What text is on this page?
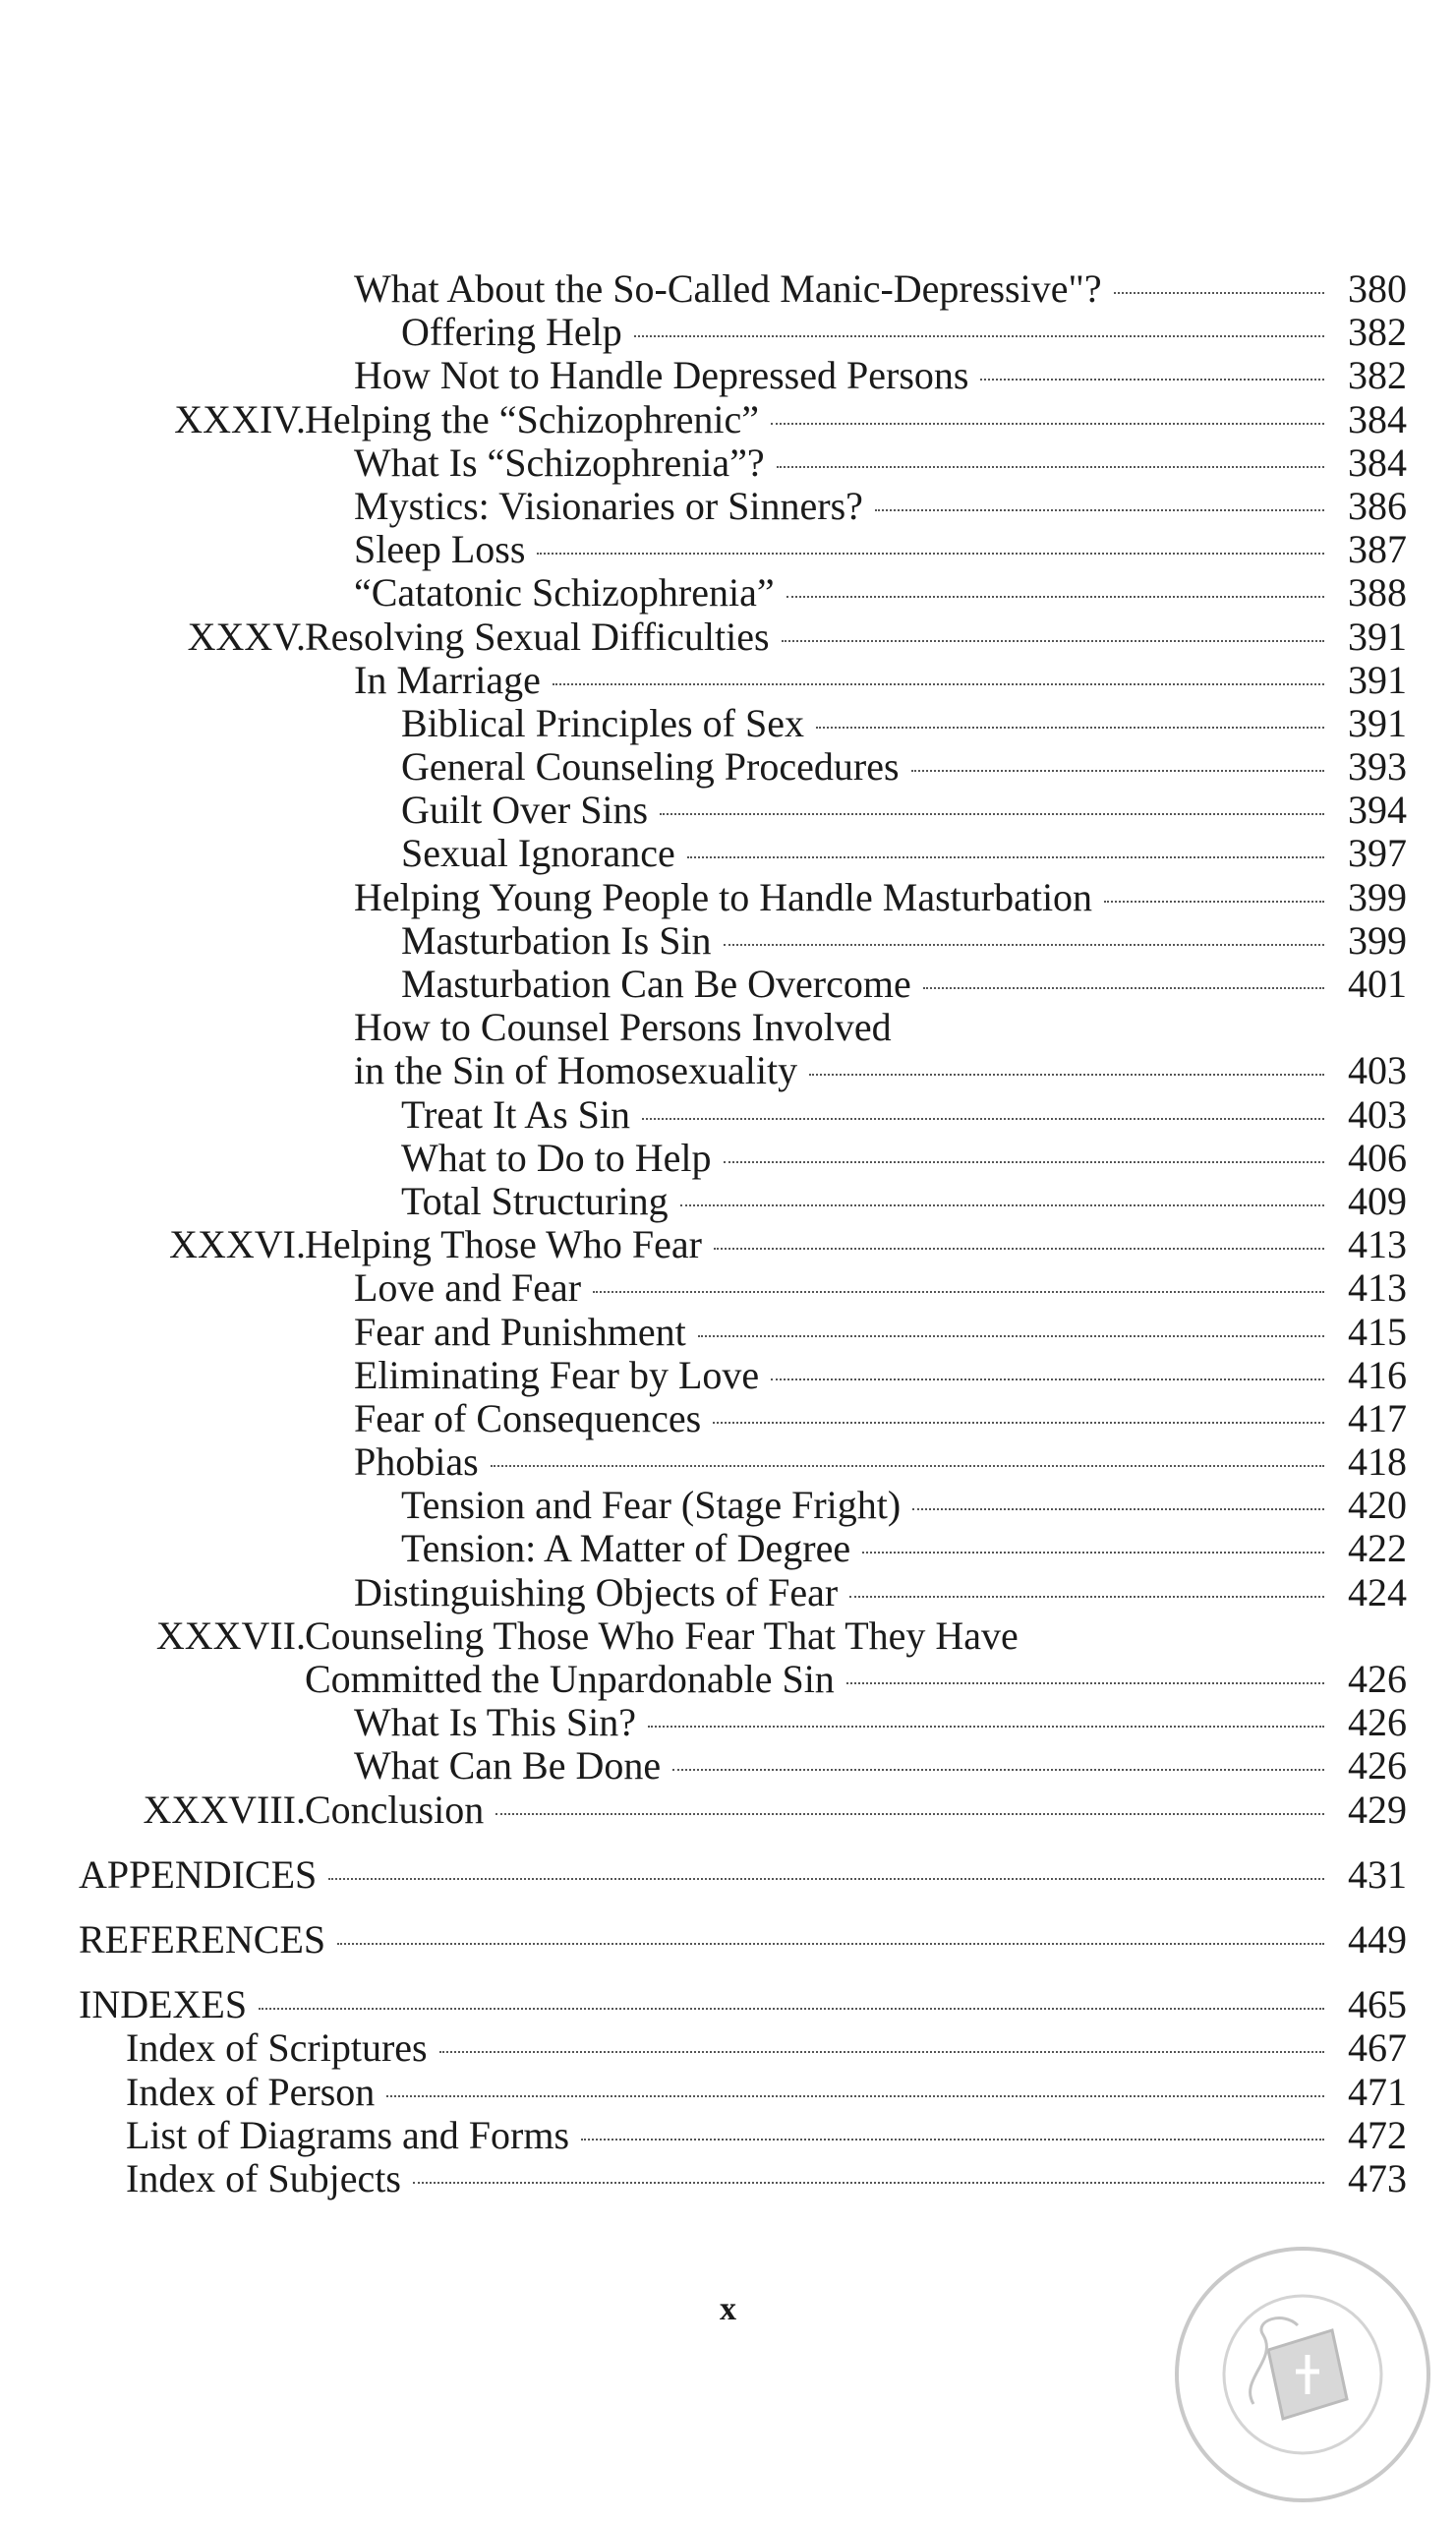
What About the So-Called Manic-Depressive"?	380
Offering Help	382
How Not to Handle Depressed Persons	382
XXXIV. Helping the “Schizophrenic”	384
What Is “Schizophrenia”?	384
Mystics: Visionaries or Sinners?	386
Sleep Loss	387
“Catatonic Schizophrenia”	388
XXXV. Resolving Sexual Difficulties	391
In Marriage	391
Biblical Principles of Sex	391
General Counseling Procedures	393
Guilt Over Sins	394
Sexual Ignorance	397
Helping Young People to Handle Masturbation	399
Masturbation Is Sin	399
Masturbation Can Be Overcome	401
How to Counsel Persons Involved
in the Sin of Homosexuality	403
Treat It As Sin	403
What to Do to Help	406
Total Structuring	409
XXXVI. Helping Those Who Fear	413
Love and Fear	413
Fear and Punishment	415
Eliminating Fear by Love	416
Fear of Consequences	417
Phobias	418
Tension and Fear (Stage Fright)	420
Tension: A Matter of Degree	422
Distinguishing Objects of Fear	424
XXXVII. Counseling Those Who Fear That They Have
Committed the Unpardonable Sin	426
What Is This Sin?	426
What Can Be Done	426
XXXVIII. Conclusion	429
APPENDICES	431
REFERENCES	449
INDEXES	465
Index of Scriptures	467
Index of Person	471
List of Diagrams and Forms	472
Index of Subjects	473
x
